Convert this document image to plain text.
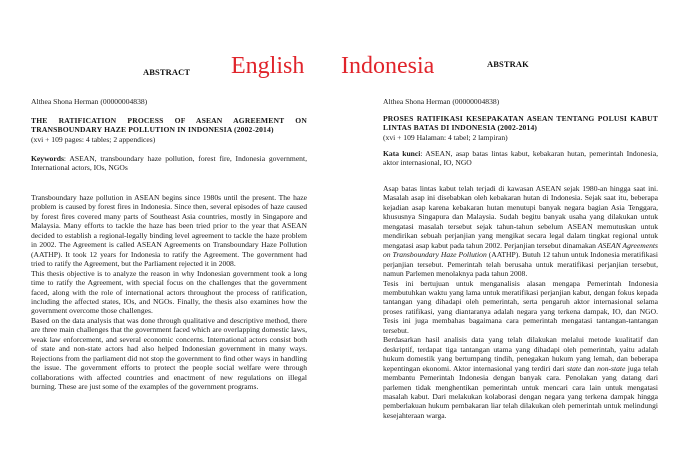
ABSTRACT English Indonesia	ABSTRAK
Althea Shona Herman (00000004838)
THE RATIFICATION PROCESS OF ASEAN AGREEMENT ON TRANSBOUNDARY HAZE POLLUTION IN INDONESIA (2002-2014)
(xvi + 109 pages: 4 tables; 2 appendices)
Keywords: ASEAN, transboundary haze pollution, forest fire, Indonesia government, International actors, IOs, NGOs

Transboundary haze pollution in ASEAN begins since 1980s until the present. The haze problem is caused by forest fires in Indonesia. Since then, several episodes of haze caused by forest fires covered many parts of Southeast Asia countries, mostly in Singapore and Malaysia. Many efforts to tackle the haze has been tried prior to the year that ASEAN decided to establish a regional-legally binding level agreement to tackle the haze problem in 2002. The Agreement is called ASEAN Agreements on Transboundary Haze Pollution (AATHP). It took 12 years for Indonesia to ratify the Agreement. The government had tried to ratify the Agreement, but the Parliament rejected it in 2008.

This thesis objective is to analyze the reason in why Indonesian government took a long time to ratify the Agreement, with special focus on the challenges that the government faced, along with the role of international actors throughout the process of ratification, including the affected states, IOs, and NGOs. Finally, the thesis also examines how the government overcome those challenges.

Based on the data analysis that was done through qualitative and descriptive method, there are three main challenges that the government faced which are overlapping domestic laws, weak law enforcement, and several economic concerns. International actors consist both of state and non-state actors had also helped Indonesian government in many ways. Rejections from the parliament did not stop the government to find other ways in handling the issue. The government efforts to protect the people social welfare were through collaborations with affected countries and enactment of new regulations on illegal burning. These are just some of the examples of the government programs.

Althea Shona Herman (00000004838)
PROSES RATIFIKASI KESEPAKATAN ASEAN TENTANG POLUSI KABUT LINTAS BATAS DI INDONESIA (2002-2014)
(xvi + 109 Halaman: 4 tabel; 2 lampiran)
Kata kunci: ASEAN, asap batas lintas kabut, kebakaran hutan, pemerintah Indonesia, aktor internasional, IO, NGO

Asap batas lintas kabut telah terjadi di kawasan ASEAN sejak 1980-an hingga saat ini. Masalah asap ini disebabkan oleh kebakaran hutan di Indonesia. Sejak saat itu, beberapa kejadian asap karena kebakaran hutan menutupi banyak negara bagian Asia Tenggara, khususnya Singapura dan Malaysia. Sudah begitu banyak usaha yang dilakukan untuk mengatasi masalah tersebut sejak tahun-tahun sebelum ASEAN memutuskan untuk mendirikan sebuah perjanjian yang mengikat secara legal dalam tingkat regional untuk mengatasi asap kabut pada tahun 2002. Perjanjian tersebut dinamakan ASEAN Agreements on Transboundary Haze Pollution (AATHP). Butuh 12 tahun untuk Indonesia meratifikasi perjanjian tersebut. Pemerintah telah berusaha untuk meratifikasi perjanjian tersebut, namun Parlemen menolaknya pada tahun 2008.

Tesis ini bertujuan untuk menganalisis alasan mengapa Pemerintah Indonesia membutuhkan waktu yang lama untuk meratifikasi perjanjian kabut, dengan fokus kepada tantangan yang dihadapi oleh pemerintah, serta pengaruh aktor internasional selama proses ratifikasi, yang diantaranya adalah negara yang terkena dampak, IO, dan NGO. Tesis ini juga membahas bagaimana cara pemerintah mengatasi tantangan-tantangan tersebut.

Berdasarkan hasil analisis data yang telah dilakukan melalui metode kualitatif dan deskriptif, terdapat tiga tantangan utama yang dihadapi oleh pemerintah, yaitu adalah hukum domestik yang bertumpang tindih, penegakan hukum yang lemah, dan beberapa kepentingan ekonomi. Aktor internasional yang terdiri dari state dan non-state juga telah membantu Pemerintah Indonesia dengan banyak cara. Penolakan yang datang dari parlemen tidak menghentikan pemerintah untuk mencari cara lain untuk mengatasi masalah kabut. Dari melakukan kolaborasi dengan negara yang terkena dampak hingga pemberlakuan hukum pembakaran liar telah dilakukan oleh pemerintah untuk melindungi kesejahteraan warga.
